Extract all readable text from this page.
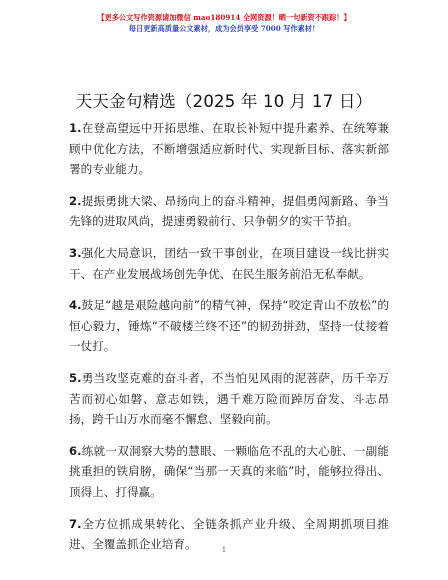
【更多公文写作资源请加微信 mao180914 全网资源！晒一句新资不跟踪！】
每日更新高质量公文素材，成为会员享受 7000 写作素材！
天天金句精选（2025 年 10 月 17 日）

1.在登高望远中开拓思维、在取长补短中提升素养、在统筹兼顾中优化方法，不断增强适应新时代、实现新目标、落实新部署的专业能力。

2.提振勇挑大梁、昂扬向上的奋斗精神，提倡勇闯新路、争当先锋的进取风尚，提速勇毅前行、只争朝夕的实干节拍。

3.强化大局意识，团结一致干事创业，在项目建设一线比拼实干、在产业发展战场创先争优、在民生服务前沿无私奉献。

4.鼓足“越是艰险越向前”的精气神，保持“咬定青山不放松”的恒心毅力，锤炼“不破楼兰终不还”的韧劲拼劲，坚持一仗接着一仗打。

5.勇当攻坚克难的奋斗者，不当怕见风雨的泥菩萨，历千辛万苦而初心如磐、意志如铁，遇千难万险而踔厉奋发、斗志昂扬，跨千山万水而毫不懈怠、坚毅向前。

6.练就一双洞察大势的慧眼、一颗临危不乱的大心脏、一副能挑重担的铁肩膀，确保“当那一天真的来临”时，能够拉得出、顶得上、打得赢。

7.全方位抓成果转化、全链条抓产业升级、全周期抓项目推进、全覆盖抓企业培育。	1
